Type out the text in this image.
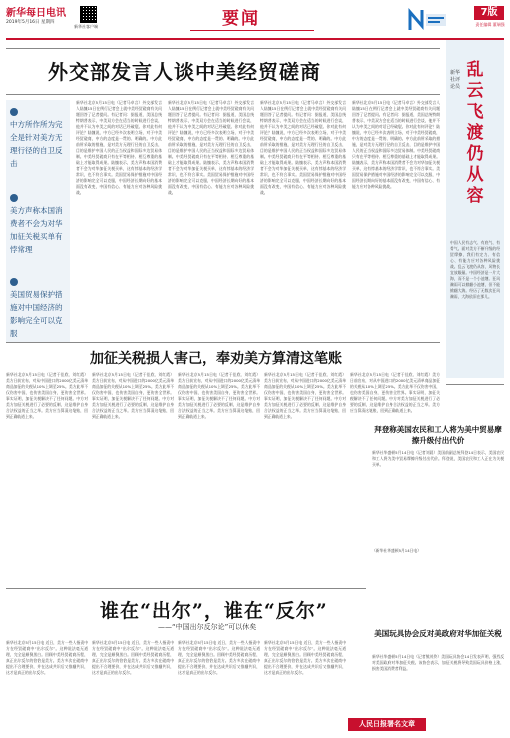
新华每日电讯
2019年5月16日 星期四
新华社客户端	要闻	7版
责任编辑 董瑞强
外交部发言人谈中美经贸磋商
中方所作所为完全是针对美方无理行径的自卫反击
美方声称本国消费者不会为对华加征关税买单有悖常理
美国贸易保护措施对中国经济的影响完全可以克服
新华社北京5月15日电（记者马卓言）外交部发言人陆慷15日在例行记者会上就中美经贸磋商有关问题回答了记者提问。有记者问：据报道，美国总统特朗普表示，中美双方会在适当的时候进行会谈，他并不认为中美之间的对话已经破裂。你对此有何评论？陆慷说，中方已经多次表明立场，对于中美经贸磋商，中方的态度是一贯的、明确的。中方此前所采取的措施，是对美方无理行径的自卫反击，目的是维护中国人民的正当权益和国际多边贸易体制。中美经贸磋商只有在平等相待、相互尊重的基础上才能取得成果。陆慷表示，美方声称本国消费者不会为对华加征关税买单，这有悖基本的经济学常识，也不符合事实。美国贸易保护措施对中国经济的影响完全可以克服，中国经济长期向好的基本面没有改变，中国有信心、有能力应对各种风险挑战。
新华社北京5月15日电（记者马卓言）外交部发言人陆慷15日在例行记者会上就中美经贸磋商有关问题回答了记者提问。有记者问：据报道，美国总统特朗普表示，中美双方会在适当的时候进行会谈，他并不认为中美之间的对话已经破裂。你对此有何评论？陆慷说，中方已经多次表明立场，对于中美经贸磋商，中方的态度是一贯的、明确的。中方此前所采取的措施，是对美方无理行径的自卫反击，目的是维护中国人民的正当权益和国际多边贸易体制。中美经贸磋商只有在平等相待、相互尊重的基础上才能取得成果。陆慷表示，美方声称本国消费者不会为对华加征关税买单，这有悖基本的经济学常识，也不符合事实。美国贸易保护措施对中国经济的影响完全可以克服，中国经济长期向好的基本面没有改变，中国有信心、有能力应对各种风险挑战。
新华社北京5月15日电（记者马卓言）外交部发言人陆慷15日在例行记者会上就中美经贸磋商有关问题回答了记者提问。有记者问：据报道，美国总统特朗普表示，中美双方会在适当的时候进行会谈，他并不认为中美之间的对话已经破裂。你对此有何评论？陆慷说，中方已经多次表明立场，对于中美经贸磋商，中方的态度是一贯的、明确的。中方此前所采取的措施，是对美方无理行径的自卫反击，目的是维护中国人民的正当权益和国际多边贸易体制。中美经贸磋商只有在平等相待、相互尊重的基础上才能取得成果。陆慷表示，美方声称本国消费者不会为对华加征关税买单，这有悖基本的经济学常识，也不符合事实。美国贸易保护措施对中国经济的影响完全可以克服，中国经济长期向好的基本面没有改变，中国有信心、有能力应对各种风险挑战。
新华社北京5月15日电（记者马卓言）外交部发言人陆慷15日在例行记者会上就中美经贸磋商有关问题回答了记者提问。有记者问：据报道，美国总统特朗普表示，中美双方会在适当的时候进行会谈，他并不认为中美之间的对话已经破裂。你对此有何评论？陆慷说，中方已经多次表明立场，对于中美经贸磋商，中方的态度是一贯的、明确的。中方此前所采取的措施，是对美方无理行径的自卫反击，目的是维护中国人民的正当权益和国际多边贸易体制。中美经贸磋商只有在平等相待、相互尊重的基础上才能取得成果。陆慷表示，美方声称本国消费者不会为对华加征关税买单，这有悖基本的经济学常识，也不符合事实。美国贸易保护措施对中国经济的影响完全可以克服，中国经济长期向好的基本面没有改变，中国有信心、有能力应对各种风险挑战。
乱云飞渡仍从容
新华社评论员
中国人民有志气、有底气、有骨气。面对美方不断升级的经贸摩擦，我们有定力、有信心、有能力应对各种风险挑战。乱云飞渡仍从容，风物长宜放眼量。中国经济是一片大海，而不是一个小池塘。狂风骤雨可以掀翻小池塘，但不能掀翻大海。经历了无数次狂风骤雨，大海依旧在那儿。
加征关税损人害己，奉劝美方算清这笔账
新华社北京5月15日电（记者于佳欣、刘红霞）美方日前宣布，对从中国进口的2000亿美元清单商品加征的关税从10%上调至25%。美方此举不仅伤害中国，也伤害美国自身，更伤害全世界。事实证明，加征关税解决不了任何问题。中方对美方加征关税进行了必要的反制，这是维护自身合法权益的正当之举。美方应当算清这笔账，回到正确轨道上来。
新华社北京5月15日电（记者于佳欣、刘红霞）美方日前宣布，对从中国进口的2000亿美元清单商品加征的关税从10%上调至25%。美方此举不仅伤害中国，也伤害美国自身，更伤害全世界。事实证明，加征关税解决不了任何问题。中方对美方加征关税进行了必要的反制，这是维护自身合法权益的正当之举。美方应当算清这笔账，回到正确轨道上来。
新华社北京5月15日电（记者于佳欣、刘红霞）美方日前宣布，对从中国进口的2000亿美元清单商品加征的关税从10%上调至25%。美方此举不仅伤害中国，也伤害美国自身，更伤害全世界。事实证明，加征关税解决不了任何问题。中方对美方加征关税进行了必要的反制，这是维护自身合法权益的正当之举。美方应当算清这笔账，回到正确轨道上来。
新华社北京5月15日电（记者于佳欣、刘红霞）美方日前宣布，对从中国进口的2000亿美元清单商品加征的关税从10%上调至25%。美方此举不仅伤害中国，也伤害美国自身，更伤害全世界。事实证明，加征关税解决不了任何问题。中方对美方加征关税进行了必要的反制，这是维护自身合法权益的正当之举。美方应当算清这笔账，回到正确轨道上来。
新华社北京5月15日电（记者于佳欣、刘红霞）美方日前宣布，对从中国进口的2000亿美元清单商品加征的关税从10%上调至25%。美方此举不仅伤害中国，也伤害美国自身，更伤害全世界。事实证明，加征关税解决不了任何问题。中方对美方加征关税进行了必要的反制，这是维护自身合法权益的正当之举。美方应当算清这笔账，回到正确轨道上来。
拜登称美国农民和工人将为美中贸易摩擦升级付出代价
新华社华盛顿5月14日电（记者刘晨）美国前副总统拜登14日表示，美国农民和工人将为美中贸易摩擦升级付出代价。拜登说，美国农民和工人正在为关税买单。
（新华社华盛顿5月14日电）
美国玩具协会反对美政府对华加征关税
新华社华盛顿5月14日电（记者熊茂伶）美国玩具协会14日发表声明，强烈反对美国政府对华加征关税。该协会表示，加征关税将导致美国玩具价格上涨，损害美国消费者利益。
谁在“出尔”，谁在“反尔”
——“中国出尔反尔论”可以休矣
新华社北京5月15日电 近日，美方一些人指责中方在经贸磋商中“出尔反尔”。这种说法毫无道理，完全是颠倒黑白。回顾中美经贸磋商历程，真正出尔反尔的恰恰是美方。美方多次在磋商中提出不合理要价，并在达成共识后又推翻共识，这才是真正的出尔反尔。
新华社北京5月15日电 近日，美方一些人指责中方在经贸磋商中“出尔反尔”。这种说法毫无道理，完全是颠倒黑白。回顾中美经贸磋商历程，真正出尔反尔的恰恰是美方。美方多次在磋商中提出不合理要价，并在达成共识后又推翻共识，这才是真正的出尔反尔。
新华社北京5月15日电 近日，美方一些人指责中方在经贸磋商中“出尔反尔”。这种说法毫无道理，完全是颠倒黑白。回顾中美经贸磋商历程，真正出尔反尔的恰恰是美方。美方多次在磋商中提出不合理要价，并在达成共识后又推翻共识，这才是真正的出尔反尔。
新华社北京5月15日电 近日，美方一些人指责中方在经贸磋商中“出尔反尔”。这种说法毫无道理，完全是颠倒黑白。回顾中美经贸磋商历程，真正出尔反尔的恰恰是美方。美方多次在磋商中提出不合理要价，并在达成共识后又推翻共识，这才是真正的出尔反尔。
人民日报署名文章
